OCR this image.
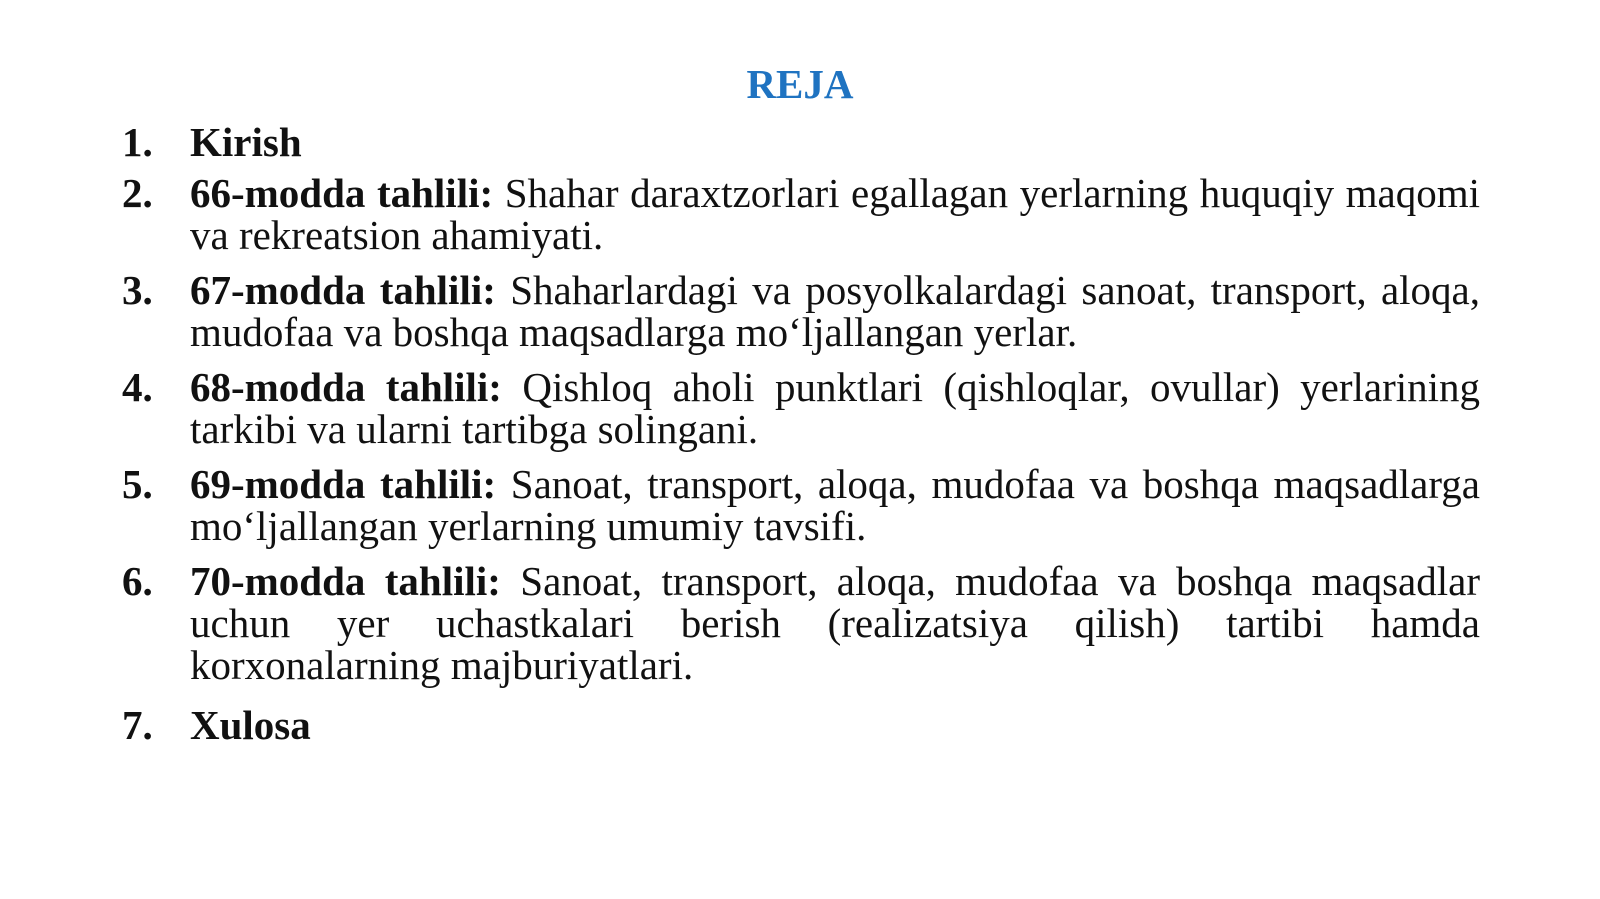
REJA
1. Kirish
2. 66-modda tahlili: Shahar daraxtzorlari egallagan yerlarning huquqiy maqomi va rekreatsion ahamiyati.
3. 67-modda tahlili: Shaharlardagi va posyolkalardagi sanoat, transport, aloqa, mudofaa va boshqa maqsadlarga mo‘ljallangan yerlar.
4. 68-modda tahlili: Qishloq aholi punktlari (qishloqlar, ovullar) yerlarining tarkibi va ularni tartibga solingani.
5. 69-modda tahlili: Sanoat, transport, aloqa, mudofaa va boshqa maqsadlarga mo‘ljallangan yerlarning umumiy tavsifi.
6. 70-modda tahlili: Sanoat, transport, aloqa, mudofaa va boshqa maqsadlar uchun yer uchastkalari berish (realizatsiya qilish) tartibi hamda korxonalarning majburiyatlari.
7. Xulosa
